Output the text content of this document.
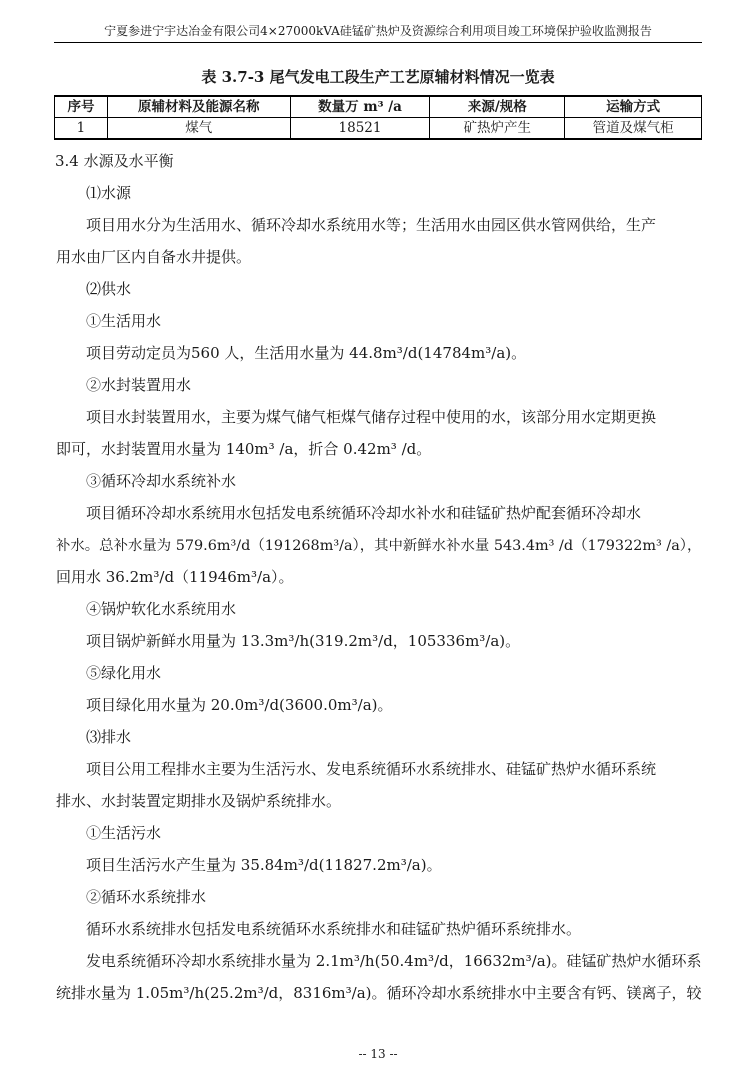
宁夏参进宁宇达冶金有限公司4×27000kVA硅锰矿热炉及资源综合利用项目竣工环境保护验收监测报告
表 3.7-3 尾气发电工段生产工艺原辅材料情况一览表
序号	原辅材料及能源名称	数量万 m³ /a	来源/规格	运输方式
1	煤气	18521	矿热炉产生	管道及煤气柜
3.4 水源及水平衡
⑴水源
项目用水分为生活用水、循环冷却水系统用水等；生活用水由园区供水管网供给，生产
用水由厂区内自备水井提供。
⑵供水
①生活用水
项目劳动定员为560 人，生活用水量为 44.8m³/d(14784m³/a)。
②水封装置用水
项目水封装置用水，主要为煤气储气柜煤气储存过程中使用的水，该部分用水定期更换
即可，水封装置用水量为 140m³ /a，折合 0.42m³ /d。
③循环冷却水系统补水
项目循环冷却水系统用水包括发电系统循环冷却水补水和硅锰矿热炉配套循环冷却水
补水。总补水量为 579.6m³/d（191268m³/a），其中新鲜水补水量 543.4m³ /d（179322m³ /a），
回用水 36.2m³/d（11946m³/a）。
④锅炉软化水系统用水
项目锅炉新鲜水用量为 13.3m³/h(319.2m³/d，105336m³/a)。
⑤绿化用水
项目绿化用水量为 20.0m³/d(3600.0m³/a)。
⑶排水
项目公用工程排水主要为生活污水、发电系统循环水系统排水、硅锰矿热炉水循环系统
排水、水封装置定期排水及锅炉系统排水。
①生活污水
项目生活污水产生量为 35.84m³/d(11827.2m³/a)。
②循环水系统排水
循环水系统排水包括发电系统循环水系统排水和硅锰矿热炉循环系统排水。
发电系统循环冷却水系统排水量为 2.1m³/h(50.4m³/d，16632m³/a)。硅锰矿热炉水循环系
统排水量为 1.05m³/h(25.2m³/d，8316m³/a)。循环冷却水系统排水中主要含有钙、镁离子，较
-- 13 --
